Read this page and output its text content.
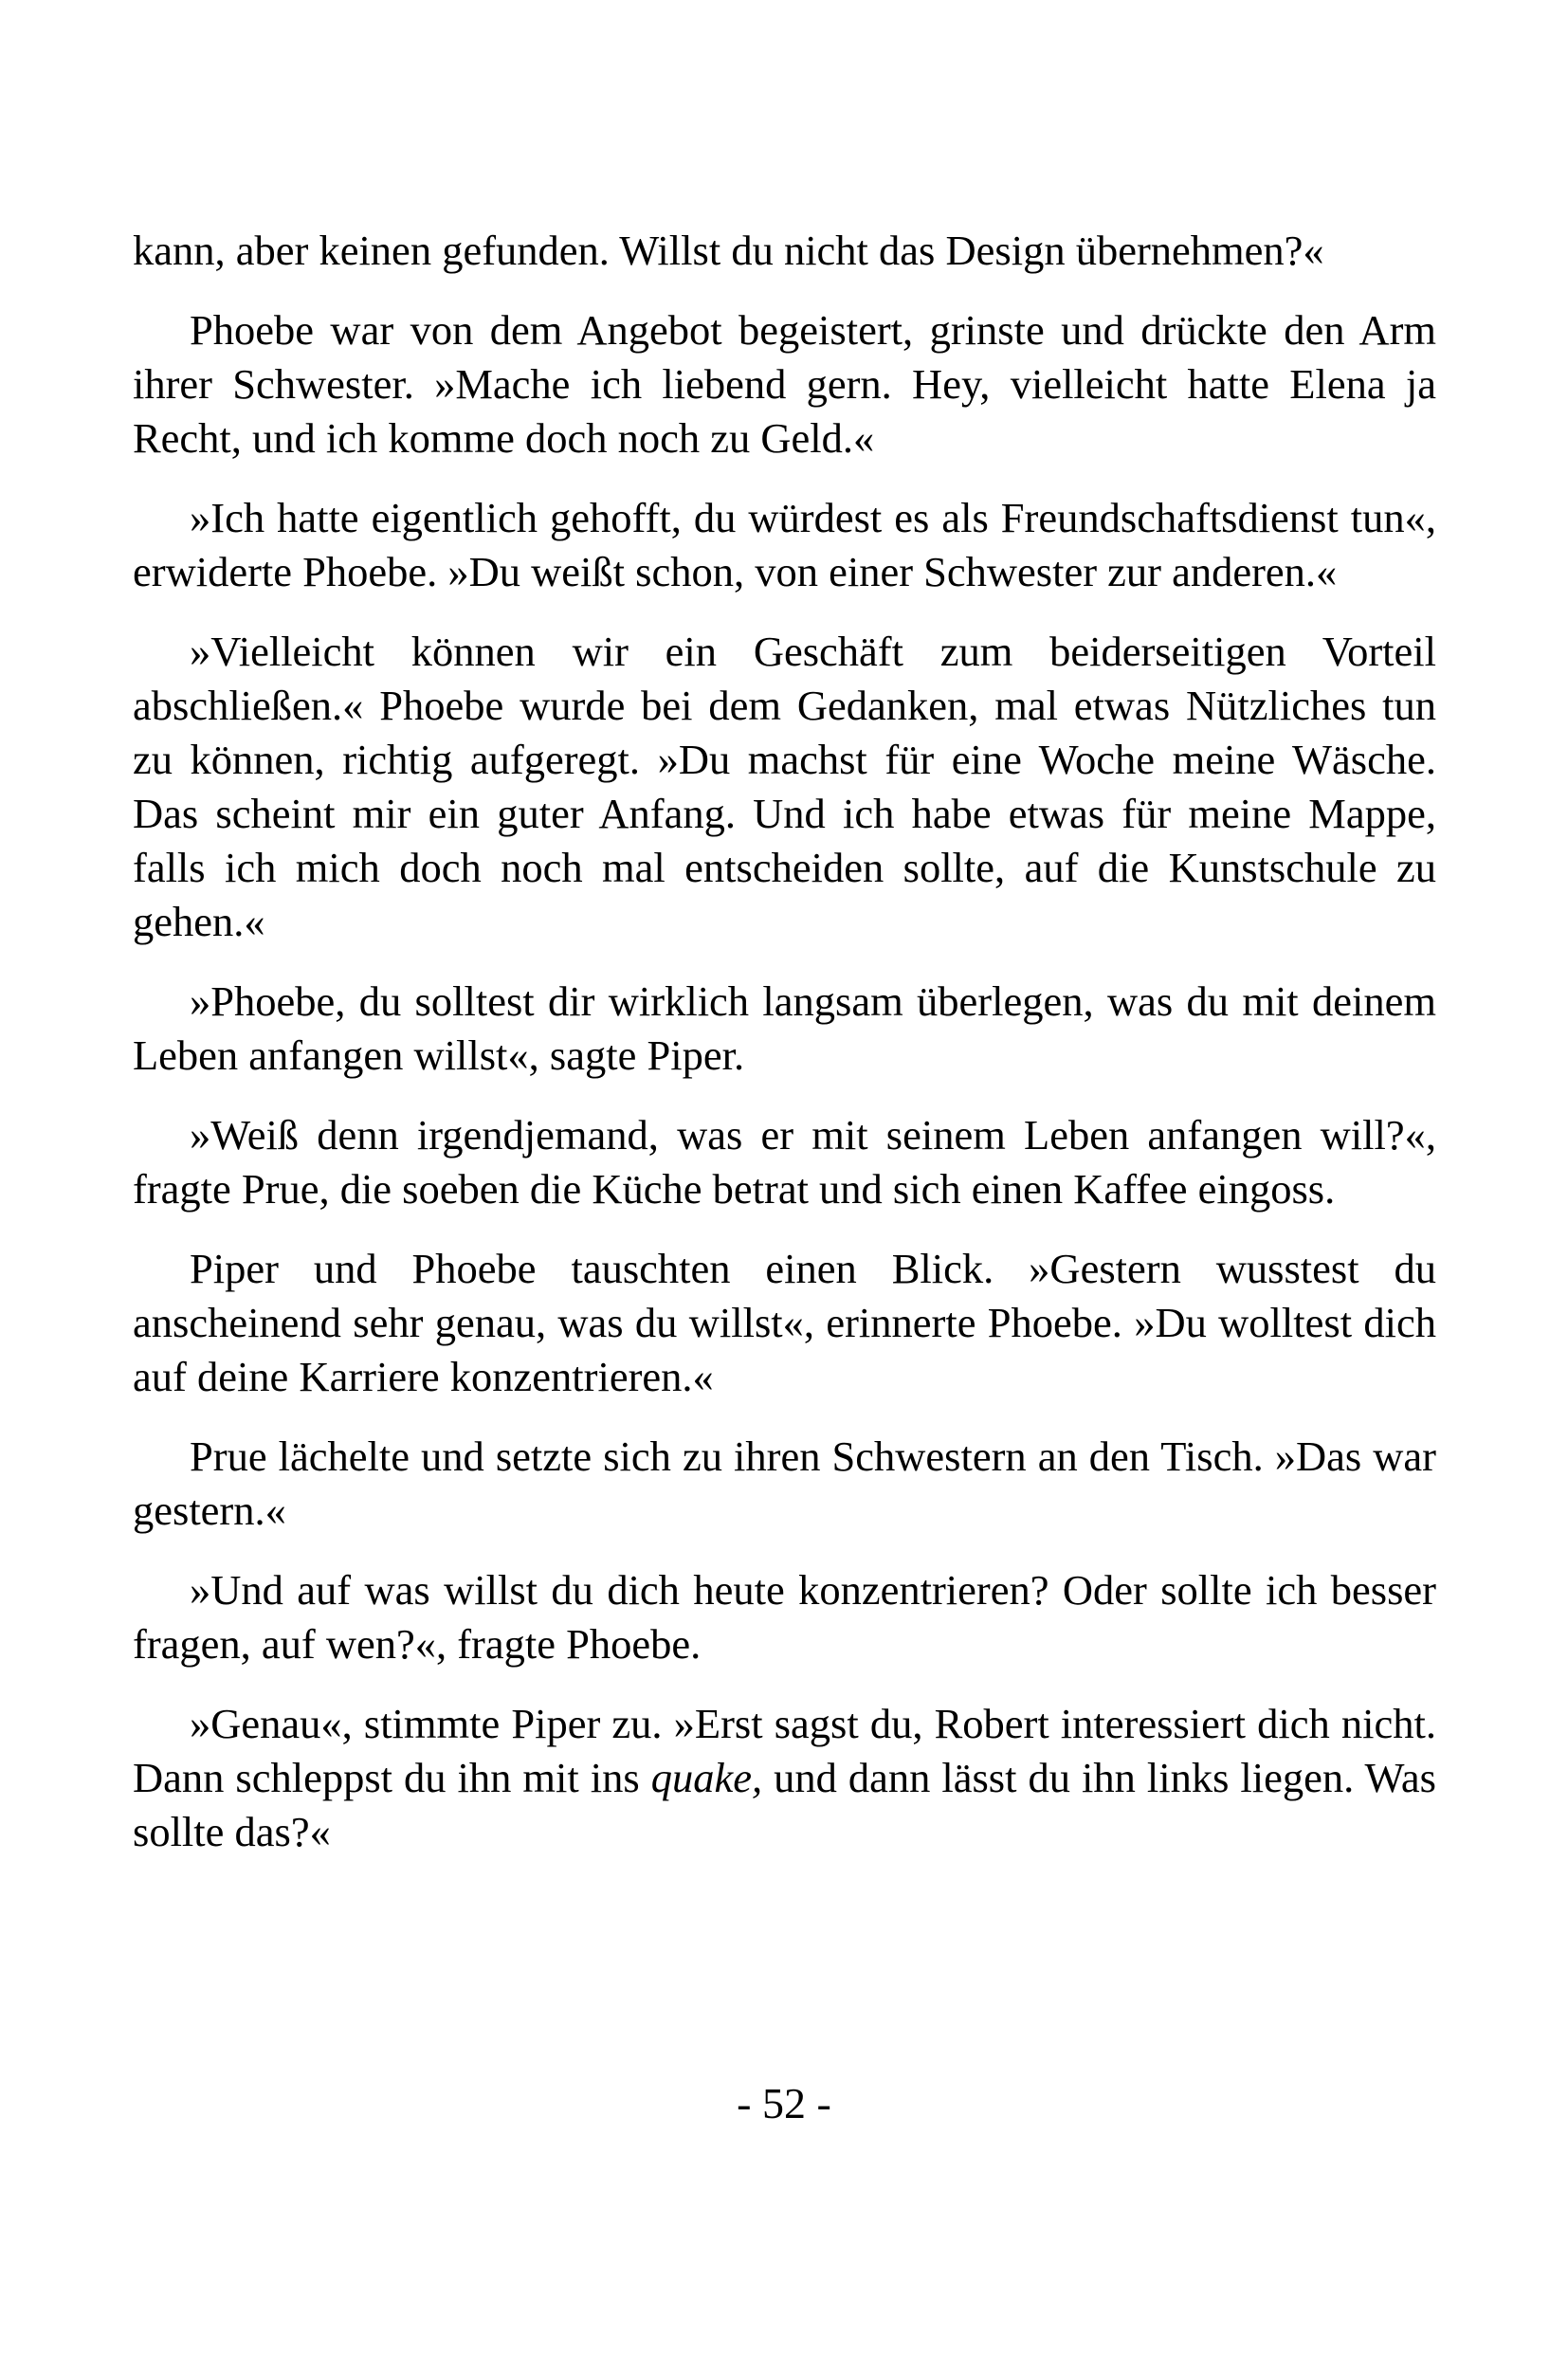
kann, aber keinen gefunden. Willst du nicht das Design übernehmen?«

Phoebe war von dem Angebot begeistert, grinste und drückte den Arm ihrer Schwester. »Mache ich liebend gern. Hey, vielleicht hatte Elena ja Recht, und ich komme doch noch zu Geld.«

»Ich hatte eigentlich gehofft, du würdest es als Freundschaftsdienst tun«, erwiderte Phoebe. »Du weißt schon, von einer Schwester zur anderen.«

»Vielleicht können wir ein Geschäft zum beiderseitigen Vorteil abschließen.« Phoebe wurde bei dem Gedanken, mal etwas Nützliches tun zu können, richtig aufgeregt. »Du machst für eine Woche meine Wäsche. Das scheint mir ein guter Anfang. Und ich habe etwas für meine Mappe, falls ich mich doch noch mal entscheiden sollte, auf die Kunstschule zu gehen.«

»Phoebe, du solltest dir wirklich langsam überlegen, was du mit deinem Leben anfangen willst«, sagte Piper.

»Weiß denn irgendjemand, was er mit seinem Leben anfangen will?«, fragte Prue, die soeben die Küche betrat und sich einen Kaffee eingoss.

Piper und Phoebe tauschten einen Blick. »Gestern wusstest du anscheinend sehr genau, was du willst«, erinnerte Phoebe. »Du wolltest dich auf deine Karriere konzentrieren.«

Prue lächelte und setzte sich zu ihren Schwestern an den Tisch. »Das war gestern.«

»Und auf was willst du dich heute konzentrieren? Oder sollte ich besser fragen, auf wen?«, fragte Phoebe.

»Genau«, stimmte Piper zu. »Erst sagst du, Robert interessiert dich nicht. Dann schleppst du ihn mit ins quake, und dann lässt du ihn links liegen. Was sollte das?«

- 52 -
